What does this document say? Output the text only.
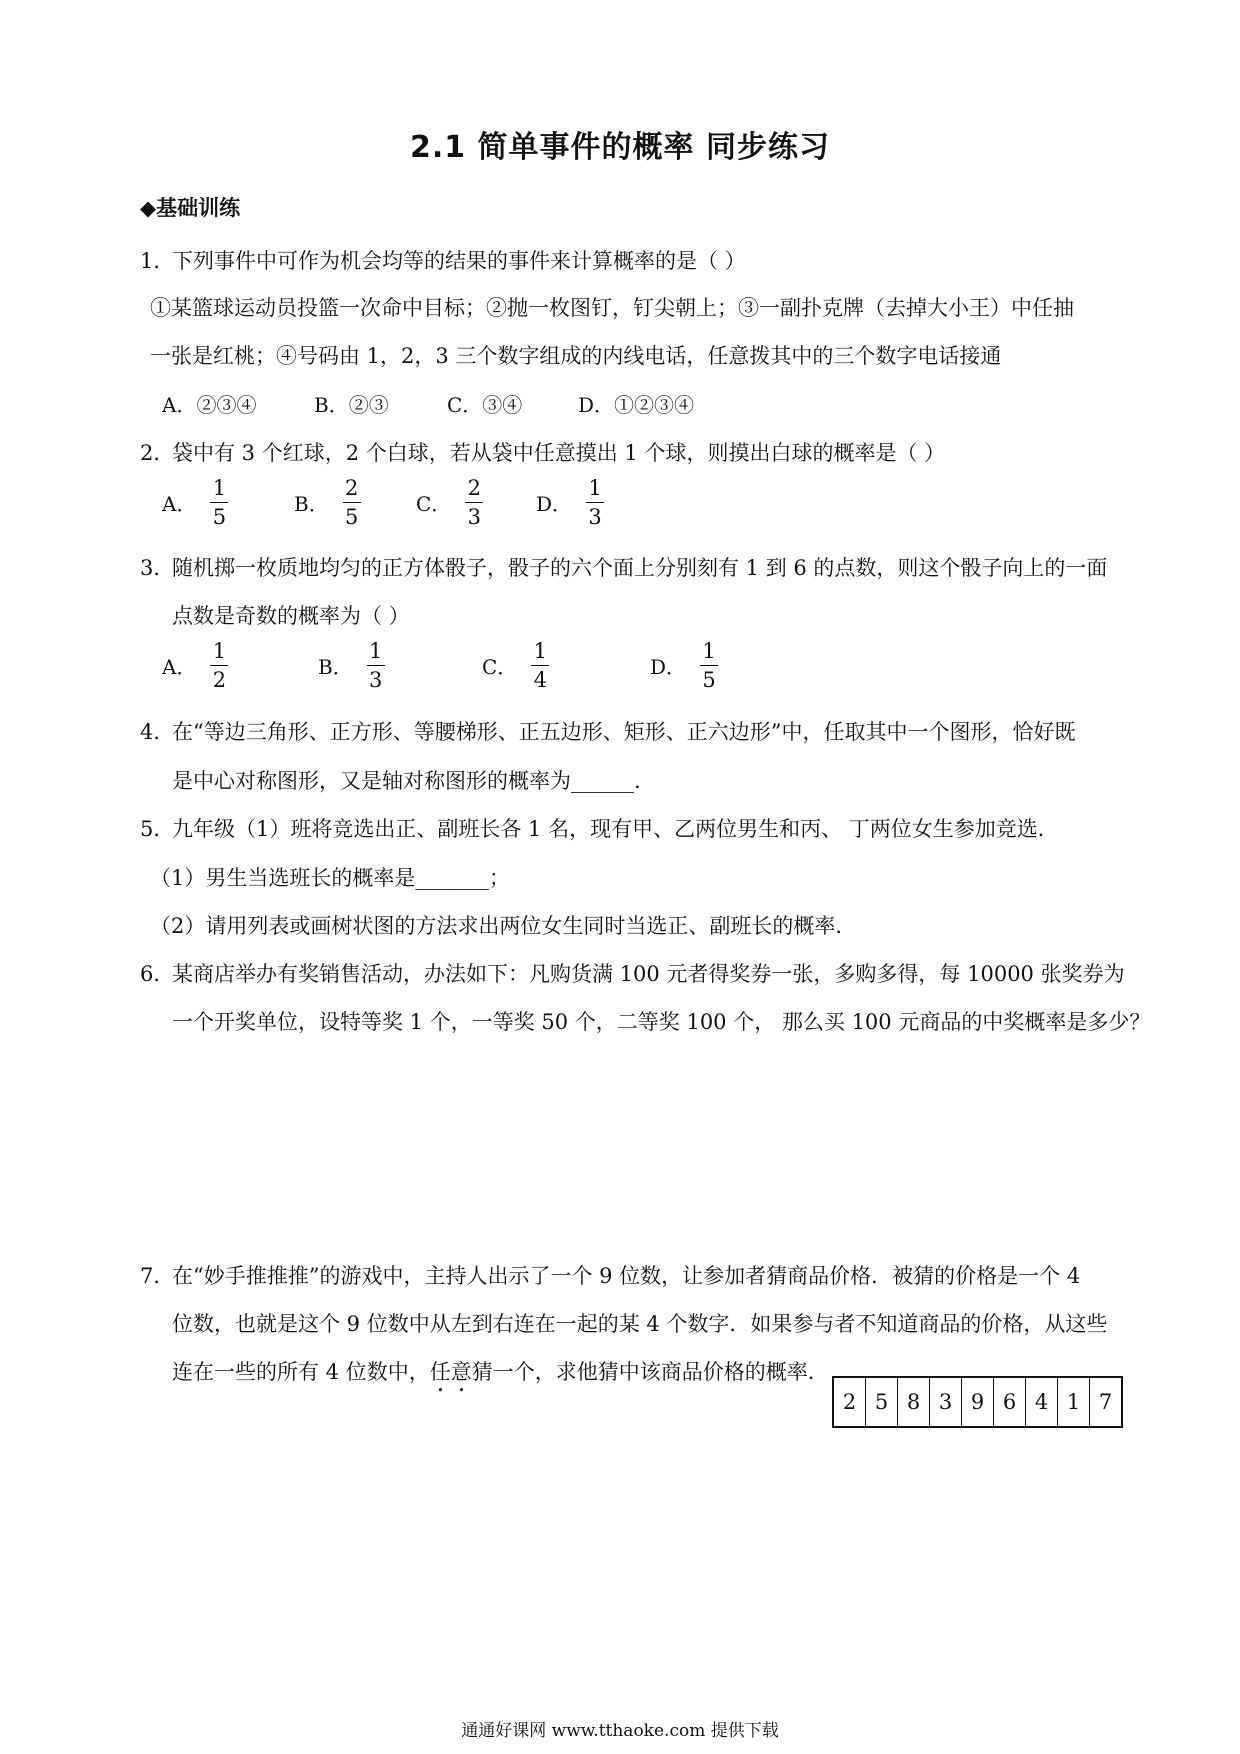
2.1 简单事件的概率 同步练习
◆基础训练
1．下列事件中可作为机会均等的结果的事件来计算概率的是（ ）
①某篮球运动员投篮一次命中目标；②抛一枚图钉，钉尖朝上；③一副扑克牌（去掉大小王）中任抽
一张是红桃；④号码由 1，2，3 三个数字组成的内线电话，任意拨其中的三个数字电话接通
A．②③④	B．②③	C．③④	D．①②③④
2．袋中有 3 个红球，2 个白球，若从袋中任意摸出 1 个球，则摸出白球的概率是（ ）
A． $\frac{1}{5}$	B． $\frac{2}{5}$	C． $\frac{2}{3}$	D． $\frac{1}{3}$
3．随机掷一枚质地均匀的正方体骰子，骰子的六个面上分别刻有 1 到 6 的点数，则这个骰子向上的一面
点数是奇数的概率为（ ）
A． $\frac{1}{2}$	B． $\frac{1}{3}$	C． $\frac{1}{4}$	D． $\frac{1}{5}$
4．在“等边三角形、正方形、等腰梯形、正五边形、矩形、正六边形”中，任取其中一个图形，恰好既
是中心对称图形，又是轴对称图形的概率为______.
5．九年级（1）班将竞选出正、副班长各 1 名，现有甲、乙两位男生和丙、 丁两位女生参加竞选．
（1）男生当选班长的概率是_______；
（2）请用列表或画树状图的方法求出两位女生同时当选正、副班长的概率．
6．某商店举办有奖销售活动，办法如下：凡购货满 100 元者得奖券一张，多购多得，每 10000 张奖券为
一个开奖单位，设特等奖 1 个，一等奖 50 个，二等奖 100 个， 那么买 100 元商品的中奖概率是多少？
7．在“妙手推推推”的游戏中，主持人出示了一个 9 位数，让参加者猜商品价格．被猜的价格是一个 4
位数，也就是这个 9 位数中从左到右连在一起的某 4 个数字．如果参与者不知道商品的价格，从这些
连在一些的所有 4 位数中，任意猜一个，求他猜中该商品价格的概率．
2 5 8 3 9 6 4 1 7
通通好课网 www.tthaoke.com 提供下载
